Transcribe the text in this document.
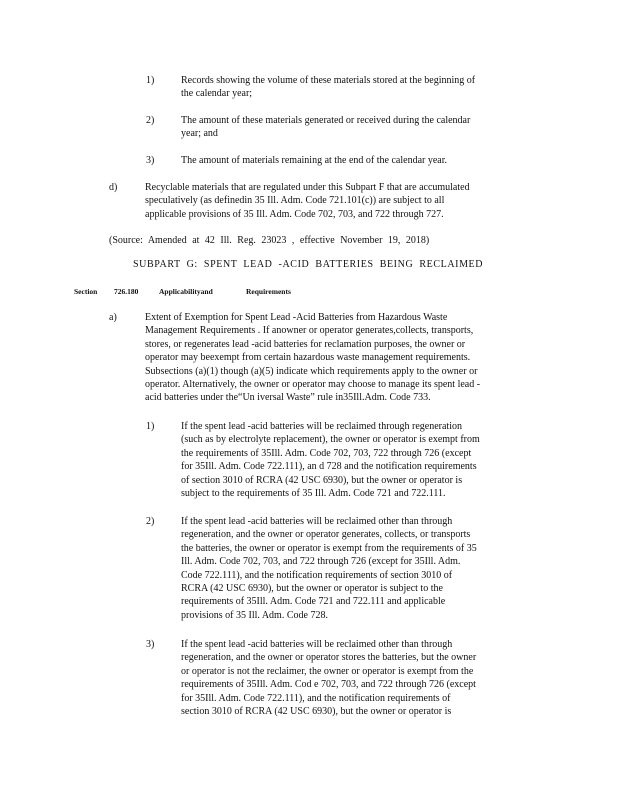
1)	Records showing the volume of these materials stored at the beginning of
the calendar year;
2)	The amount of these materials generated or received during the calendar
year; and
3)	The amount of materials remaining at the end of the calendar year.
d)	Recyclable materials that are regulated under this Subpart F that are accumulated
speculatively (as definedin 35 Ill. Adm. Code 721.101(c)) are subject to all
applicable provisions of 35 Ill. Adm. Code 702, 703, and 722 through 727.
(Source: Amended at 42 Ill. Reg. 23023 , effective November 19, 2018)
SUBPART G: SPENT LEAD -ACID BATTERIES BEING RECLAIMED
Section 726.180	Applicabilityand	Requirements
a)	Extent of Exemption for Spent Lead -Acid Batteries from Hazardous Waste
Management Requirements . If anowner or operator generates,collects, transports,
stores, or regenerates lead -acid batteries for reclamation purposes, the owner or
operator may beexempt from certain hazardous waste management requirements.
Subsections (a)(1) though (a)(5) indicate which requirements apply to the owner or
operator. Alternatively, the owner or operator may choose to manage its spent lead -
acid batteries under the“Un iversal Waste” rule in35Ill.Adm. Code 733.
1)	If the spent lead -acid batteries will be reclaimed through regeneration
(such as by electrolyte replacement), the owner or operator is exempt from
the requirements of 35Ill. Adm. Code 702, 703, 722 through 726 (except
for 35Ill. Adm. Code 722.111), an d 728 and the notification requirements
of section 3010 of RCRA (42 USC 6930), but the owner or operator is
subject to the requirements of 35 Ill. Adm. Code 721 and 722.111.
2)	If the spent lead -acid batteries will be reclaimed other than through
regeneration, and the owner or operator generates, collects, or transports
the batteries, the owner or operator is exempt from the requirements of 35
Ill. Adm. Code 702, 703, and 722 through 726 (except for 35Ill. Adm.
Code 722.111), and the notification requirements of section 3010 of
RCRA (42 USC 6930), but the owner or operator is subject to the
requirements of 35Ill. Adm. Code 721 and 722.111 and applicable
provisions of 35 Ill. Adm. Code 728.
3)	If the spent lead -acid batteries will be reclaimed other than through
regeneration, and the owner or operator stores the batteries, but the owner
or operator is not the reclaimer, the owner or operator is exempt from the
requirements of 35Ill. Adm. Cod e 702, 703, and 722 through 726 (except
for 35Ill. Adm. Code 722.111), and the notification requirements of
section 3010 of RCRA (42 USC 6930), but the owner or operator is
